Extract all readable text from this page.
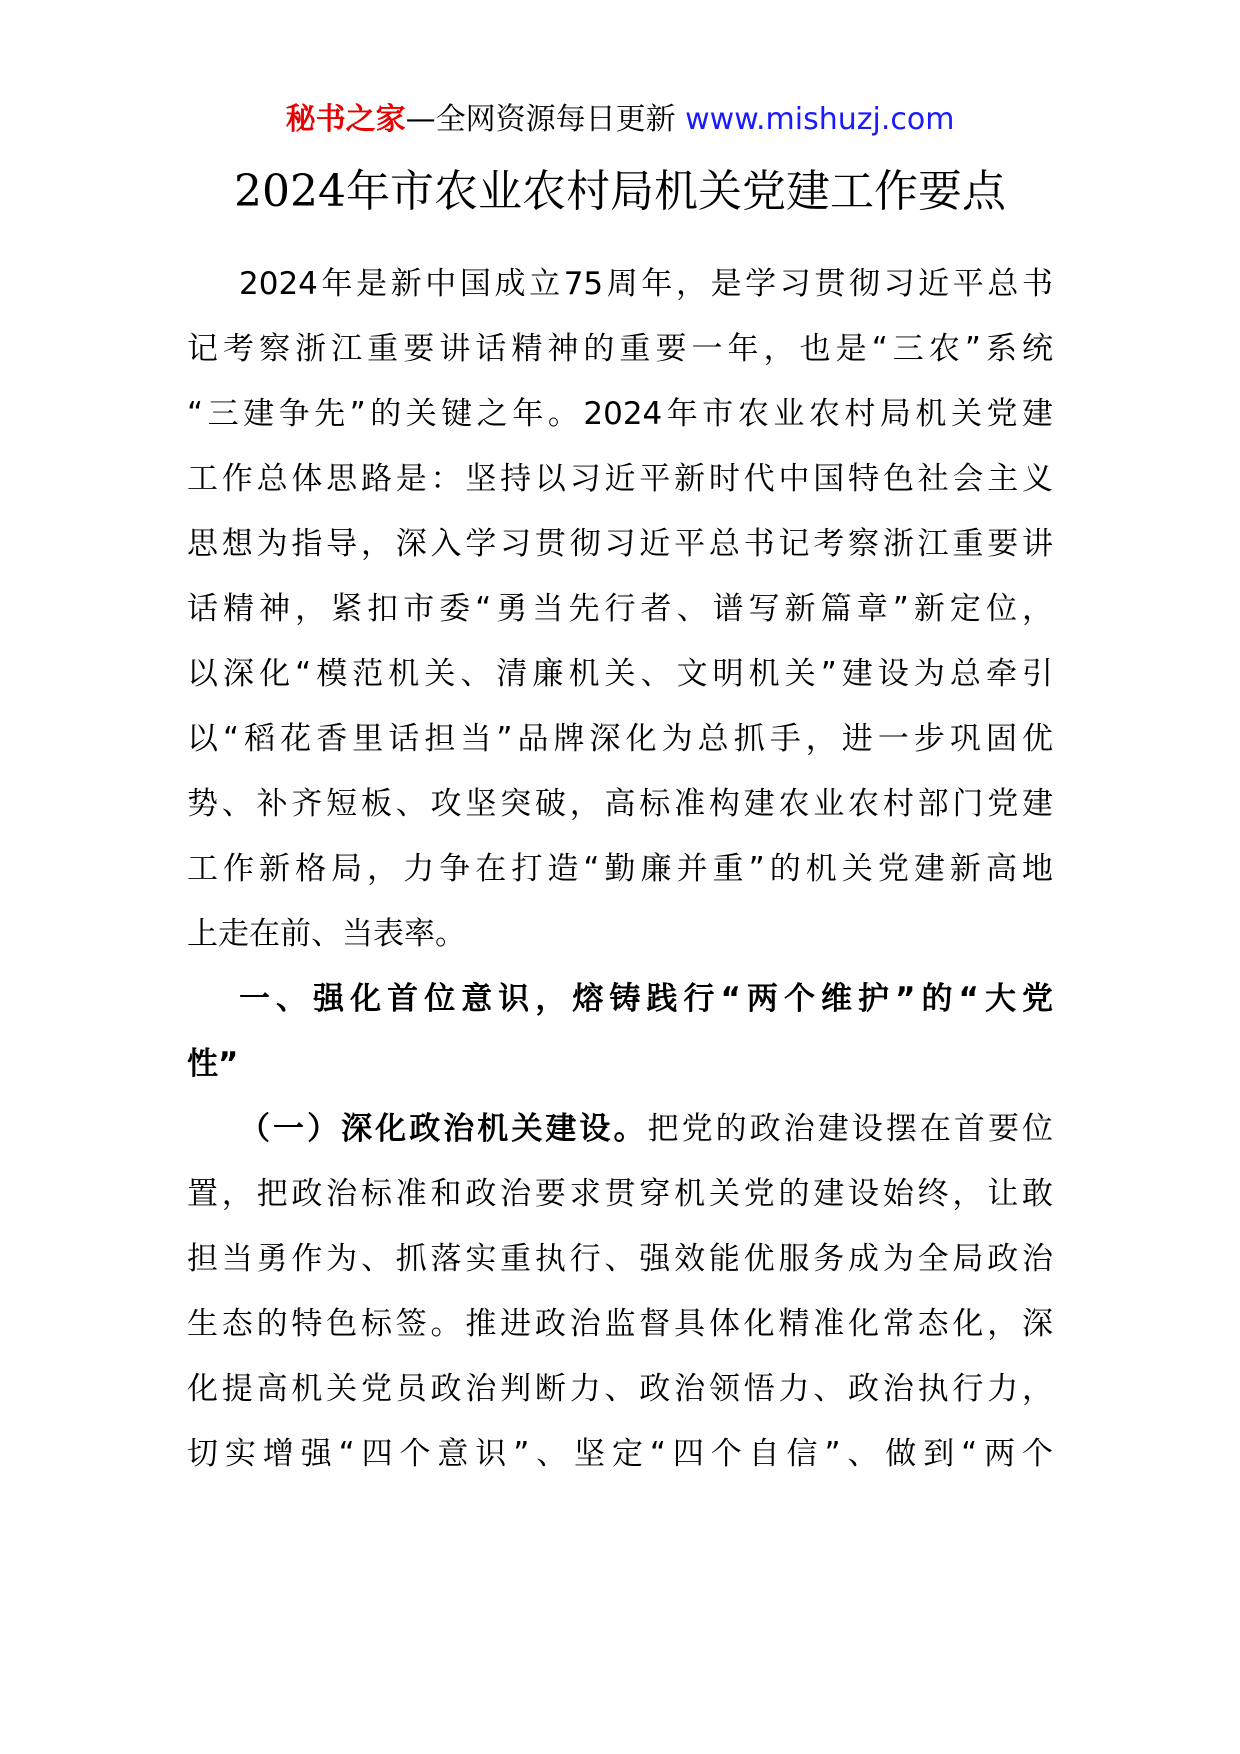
秘书之家—全网资源每日更新 www.mishuzj.com
2024年市农业农村局机关党建工作要点
2024年是新中国成立75周年，是学习贯彻习近平总书
记考察浙江重要讲话精神的重要一年，也是“三农”系统
“三建争先”的关键之年。2024年市农业农村局机关党建
工作总体思路是：坚持以习近平新时代中国特色社会主义
思想为指导，深入学习贯彻习近平总书记考察浙江重要讲
话精神，紧扣市委“勇当先行者、谱写新篇章”新定位，
以深化“模范机关、清廉机关、文明机关”建设为总牵引
以“稻花香里话担当”品牌深化为总抓手，进一步巩固优
势、补齐短板、攻坚突破，高标准构建农业农村部门党建
工作新格局，力争在打造“勤廉并重”的机关党建新高地
上走在前、当表率。
一、强化首位意识，熔铸践行“两个维护”的“大党
性”
（一）深化政治机关建设。把党的政治建设摆在首要位
置，把政治标准和政治要求贯穿机关党的建设始终，让敢
担当勇作为、抓落实重执行、强效能优服务成为全局政治
生态的特色标签。推进政治监督具体化精准化常态化，深
化提高机关党员政治判断力、政治领悟力、政治执行力，
切实增强“四个意识”、坚定“四个自信”、做到“两个
